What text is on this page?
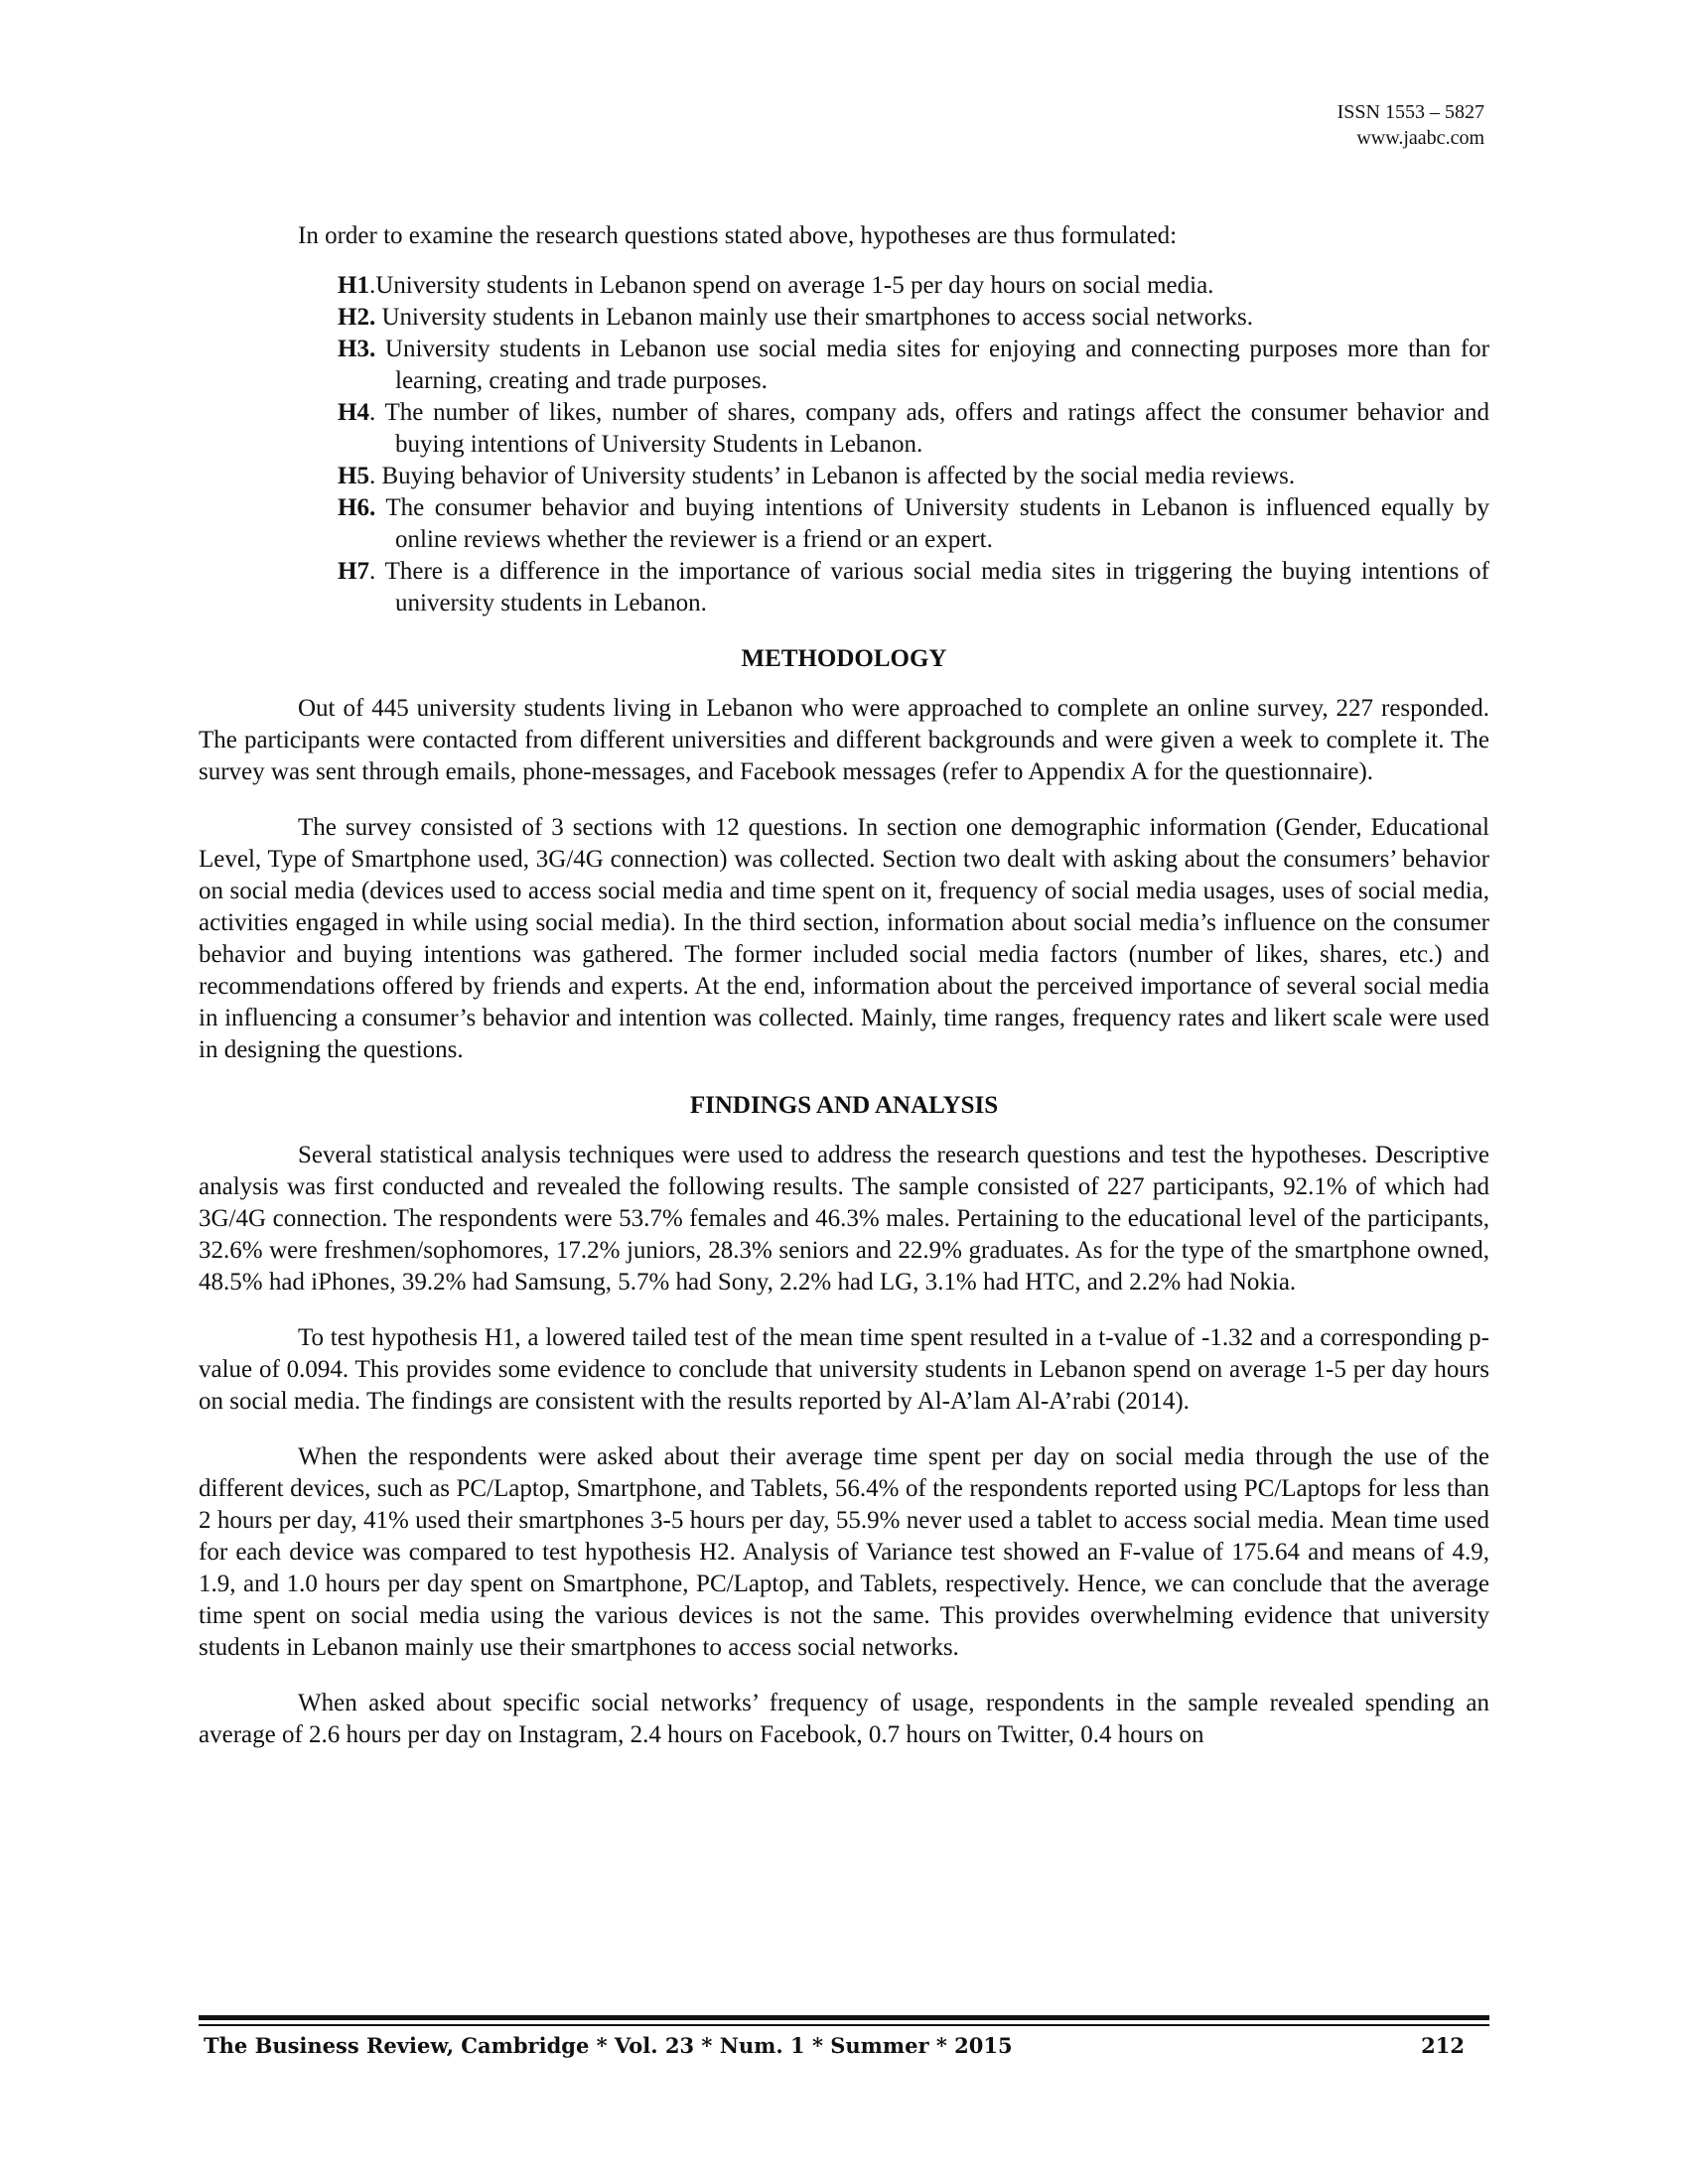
ISSN 1553 – 5827
www.jaabc.com

In order to examine the research questions stated above, hypotheses are thus formulated:

H1.University students in Lebanon spend on average 1-5 per day hours on social media.
H2. University students in Lebanon mainly use their smartphones to access social networks.
H3. University students in Lebanon use social media sites for enjoying and connecting purposes more than for learning, creating and trade purposes.
H4. The number of likes, number of shares, company ads, offers and ratings affect the consumer behavior and buying intentions of University Students in Lebanon.
H5. Buying behavior of University students’ in Lebanon is affected by the social media reviews.
H6. The consumer behavior and buying intentions of University students in Lebanon is influenced equally by online reviews whether the reviewer is a friend or an expert.
H7. There is a difference in the importance of various social media sites in triggering the buying intentions of university students in Lebanon.
METHODOLOGY

Out of 445 university students living in Lebanon who were approached to complete an online survey, 227 responded. The participants were contacted from different universities and different backgrounds and were given a week to complete it. The survey was sent through emails, phone-messages, and Facebook messages (refer to Appendix A for the questionnaire).

The survey consisted of 3 sections with 12 questions. In section one demographic information (Gender, Educational Level, Type of Smartphone used, 3G/4G connection) was collected. Section two dealt with asking about the consumers’ behavior on social media (devices used to access social media and time spent on it, frequency of social media usages, uses of social media, activities engaged in while using social media). In the third section, information about social media’s influence on the consumer behavior and buying intentions was gathered. The former included social media factors (number of likes, shares, etc.) and recommendations offered by friends and experts. At the end, information about the perceived importance of several social media in influencing a consumer’s behavior and intention was collected. Mainly, time ranges, frequency rates and likert scale were used in designing the questions.

FINDINGS AND ANALYSIS

Several statistical analysis techniques were used to address the research questions and test the hypotheses. Descriptive analysis was first conducted and revealed the following results. The sample consisted of 227 participants, 92.1% of which had 3G/4G connection. The respondents were 53.7% females and 46.3% males. Pertaining to the educational level of the participants, 32.6% were freshmen/sophomores, 17.2% juniors, 28.3% seniors and 22.9% graduates. As for the type of the smartphone owned, 48.5% had iPhones, 39.2% had Samsung, 5.7% had Sony, 2.2% had LG, 3.1% had HTC, and 2.2% had Nokia.

To test hypothesis H1, a lowered tailed test of the mean time spent resulted in a t-value of -1.32 and a corresponding p-value of 0.094. This provides some evidence to conclude that university students in Lebanon spend on average 1-5 per day hours on social media. The findings are consistent with the results reported by Al-A’lam Al-A’rabi (2014).

When the respondents were asked about their average time spent per day on social media through the use of the different devices, such as PC/Laptop, Smartphone, and Tablets, 56.4% of the respondents reported using PC/Laptops for less than 2 hours per day, 41% used their smartphones 3-5 hours per day, 55.9% never used a tablet to access social media. Mean time used for each device was compared to test hypothesis H2. Analysis of Variance test showed an F-value of 175.64 and means of 4.9, 1.9, and 1.0 hours per day spent on Smartphone, PC/Laptop, and Tablets, respectively. Hence, we can conclude that the average time spent on social media using the various devices is not the same. This provides overwhelming evidence that university students in Lebanon mainly use their smartphones to access social networks.

When asked about specific social networks’ frequency of usage, respondents in the sample revealed spending an average of 2.6 hours per day on Instagram, 2.4 hours on Facebook, 0.7 hours on Twitter, 0.4 hours on

The Business Review, Cambridge * Vol. 23 * Num. 1 * Summer * 2015	212
